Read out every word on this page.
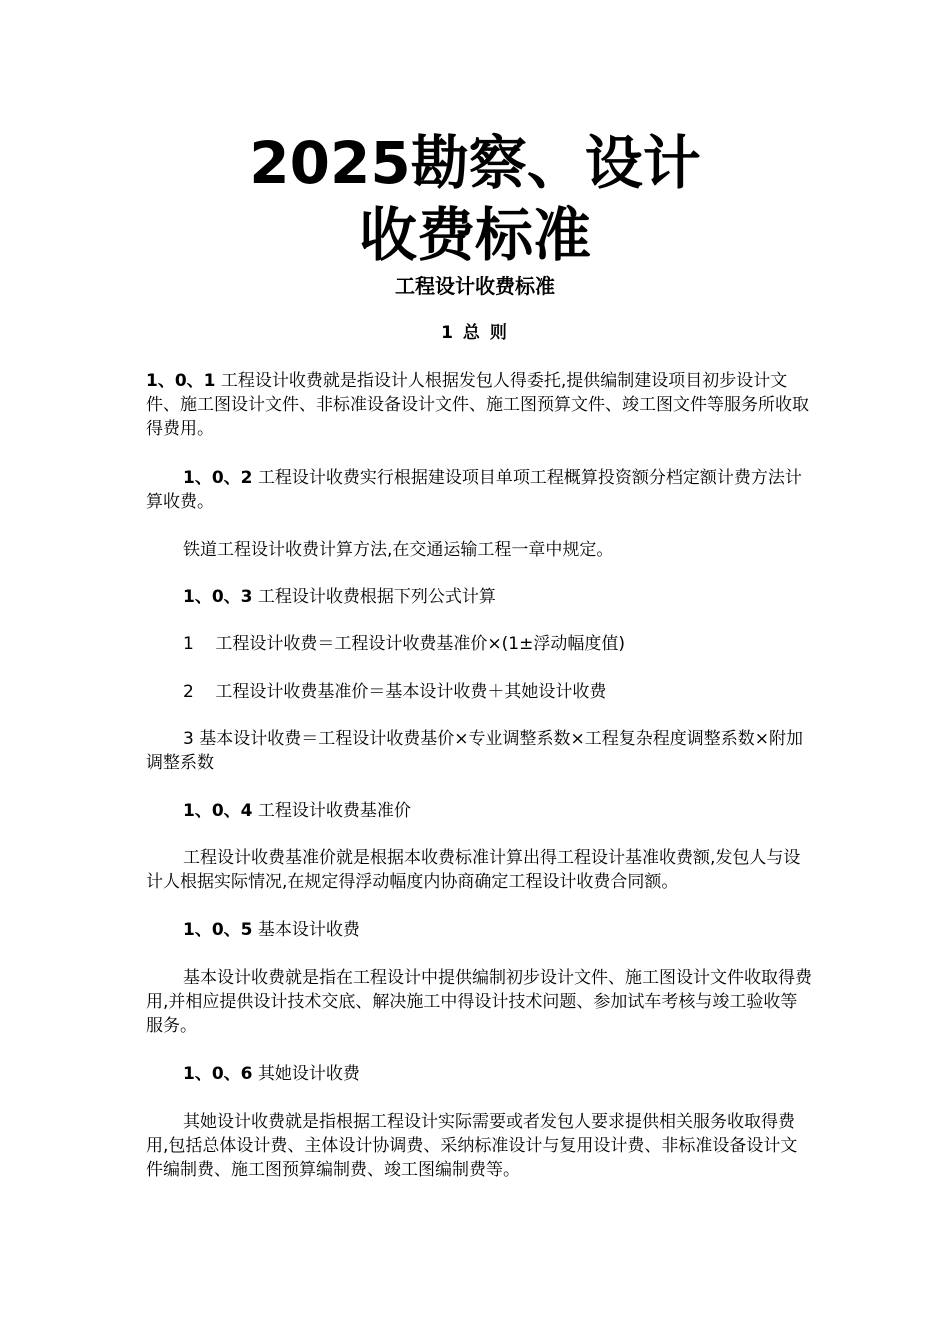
2025勘察、设计
收费标准
工程设计收费标准
1 总 则

1、0、1 工程设计收费就是指设计人根据发包人得委托,提供编制建设项目初步设计文件、施工图设计文件、非标准设备设计文件、施工图预算文件、竣工图文件等服务所收取得费用。

1、0、2 工程设计收费实行根据建设项目单项工程概算投资额分档定额计费方法计算收费。

铁道工程设计收费计算方法,在交通运输工程一章中规定。

1、0、3 工程设计收费根据下列公式计算

1    工程设计收费＝工程设计收费基准价×(1±浮动幅度值)

2    工程设计收费基准价＝基本设计收费＋其她设计收费

3 基本设计收费＝工程设计收费基价×专业调整系数×工程复杂程度调整系数×附加调整系数

1、0、4 工程设计收费基准价

工程设计收费基准价就是根据本收费标准计算出得工程设计基准收费额,发包人与设计人根据实际情况,在规定得浮动幅度内协商确定工程设计收费合同额。

1、0、5 基本设计收费

基本设计收费就是指在工程设计中提供编制初步设计文件、施工图设计文件收取得费用,并相应提供设计技术交底、解决施工中得设计技术问题、参加试车考核与竣工验收等服务。

1、0、6 其她设计收费

其她设计收费就是指根据工程设计实际需要或者发包人要求提供相关服务收取得费用,包括总体设计费、主体设计协调费、采纳标准设计与复用设计费、非标准设备设计文件编制费、施工图预算编制费、竣工图编制费等。
